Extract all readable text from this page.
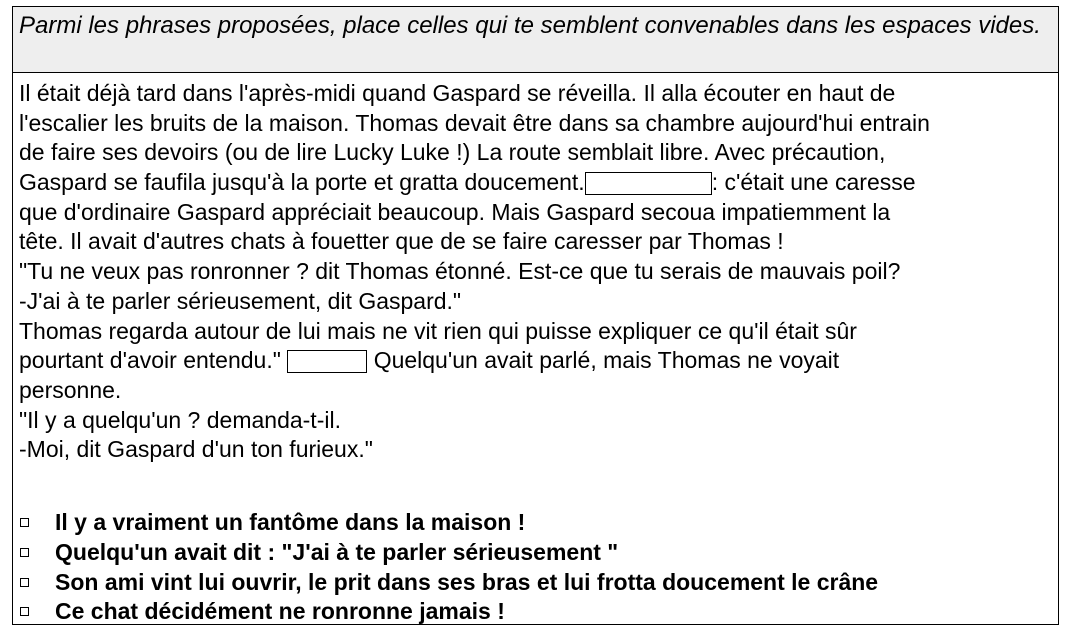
Parmi les phrases proposées, place celles qui te semblent convenables dans les espaces vides.
Il était déjà tard dans l'après-midi quand Gaspard se réveilla. Il alla écouter en haut de
l'escalier les bruits de la maison. Thomas devait être dans sa chambre aujourd'hui entrain
de faire ses devoirs (ou de lire Lucky Luke !) La route semblait libre. Avec précaution,
Gaspard se faufila jusqu'à la porte et gratta doucement.	: c'était une caresse
que d'ordinaire Gaspard appréciait beaucoup. Mais Gaspard secoua impatiemment la
tête. Il avait d'autres chats à fouetter que de se faire caresser par Thomas !
"Tu ne veux pas ronronner ? dit Thomas étonné. Est-ce que tu serais de mauvais poil?
-J'ai à te parler sérieusement, dit Gaspard."
Thomas regarda autour de lui mais ne vit rien qui puisse expliquer ce qu'il était sûr
pourtant d'avoir entendu."	Quelqu'un avait parlé, mais Thomas ne voyait
personne.
"Il y a quelqu'un ? demanda-t-il.
-Moi, dit Gaspard d'un ton furieux."
Il y a vraiment un fantôme dans la maison !
Quelqu'un avait dit : "J'ai à te parler sérieusement "
Son ami vint lui ouvrir, le prit dans ses bras et lui frotta doucement le crâne
Ce chat décidément ne ronronne jamais !
